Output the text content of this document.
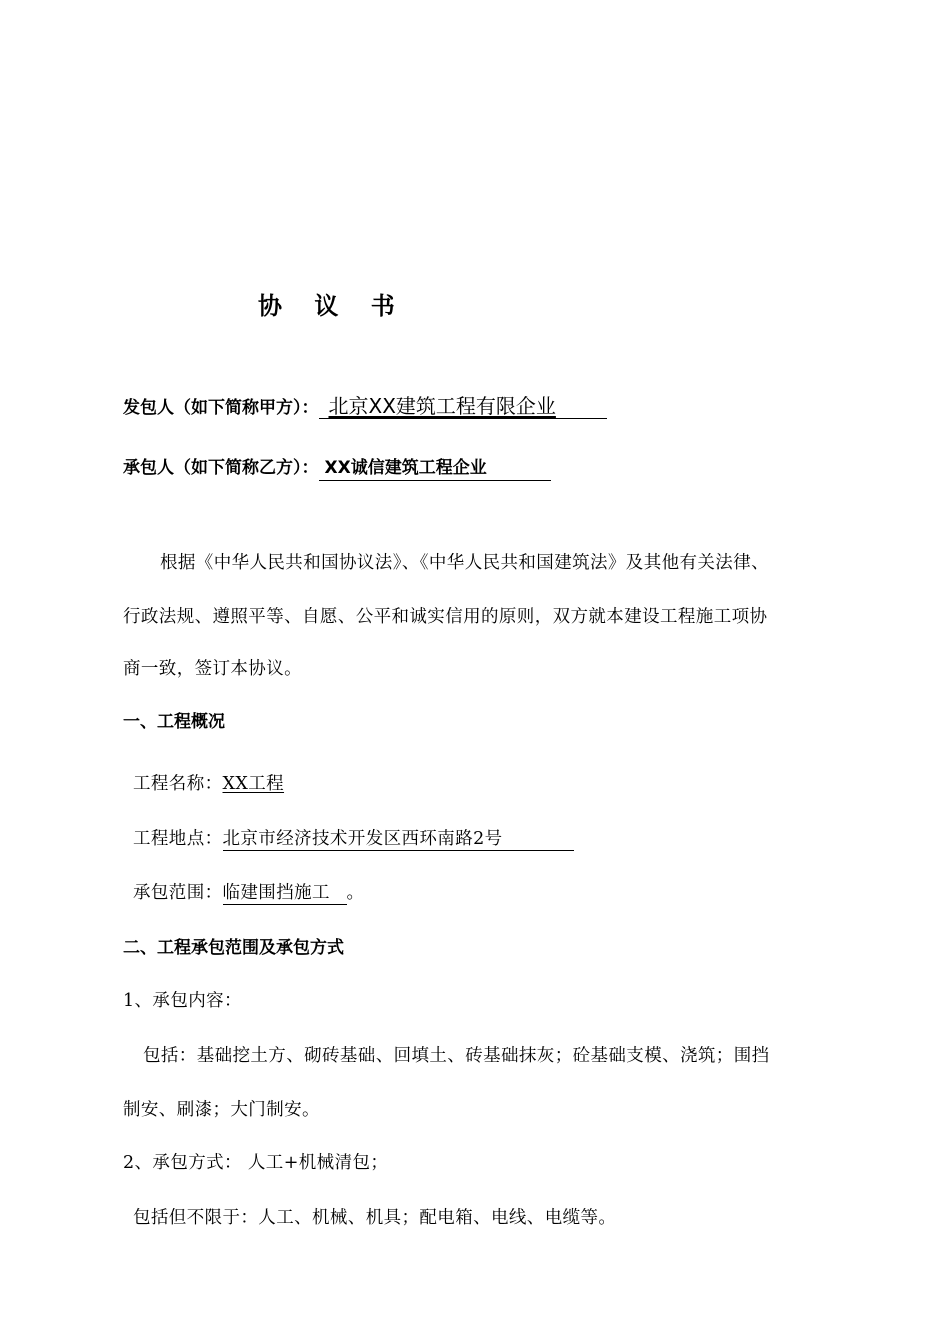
协 议 书
发包人（如下简称甲方）： 北京XX建筑工程有限企业
承包人（如下简称乙方）： XX诚信建筑工程企业
根据《中华人民共和国协议法》、《中华人民共和国建筑法》及其他有关法律、
行政法规、遵照平等、自愿、公平和诚实信用的原则，双方就本建设工程施工项协
商一致，签订本协议。
一、工程概况
工程名称：XX工程
工程地点：北京市经济技术开发区西环南路2号
承包范围：临建围挡施工 。
二、工程承包范围及承包方式
1、承包内容：
包括：基础挖土方、砌砖基础、回填土、砖基础抹灰；砼基础支模、浇筑；围挡
制安、刷漆；大门制安。
2、承包方式： 人工+机械清包；
包括但不限于：人工、机械、机具；配电箱、电线、电缆等。
